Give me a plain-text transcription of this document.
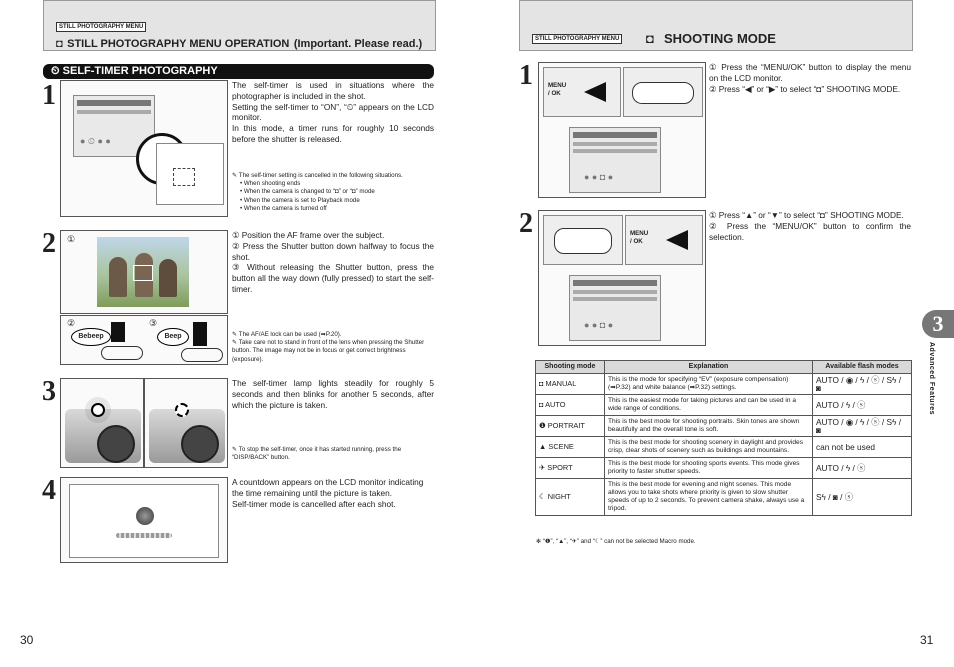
STILL PHOTOGRAPHY MENU
◘ STILL PHOTOGRAPHY MENU OPERATION (Important. Please read.)
⏲ SELF-TIMER PHOTOGRAPHY
1
● ⏲ ● ●
The self-timer is used in situations where the photographer is included in the shot.
Setting the self-timer to “ON”, “⏲” appears on the LCD monitor.
In this mode, a timer runs for roughly 10 seconds before the shutter is released.
✎ The self-timer setting is cancelled in the following situations.
• When shooting ends
• When the camera is changed to “◘” or “◘” mode
• When the camera is set to Playback mode
• When the camera is turned off
2 ①
②	③
Bebeep	Beep
① Position the AF frame over the subject.
② Press the Shutter button down halfway to focus the shot.
③ Without releasing the Shutter button, press the button all the way down (fully pressed) to start the self-timer.
✎ The AF/AE lock can be used (➡P.20).
✎ Take care not to stand in front of the lens when pressing the Shutter button. The image may not be in focus or get correct brightness (exposure).
3	The self-timer lamp lights steadily for roughly 5 seconds and then blinks for another 5 seconds, after which the picture is taken.
✎ To stop the self-timer, once it has started running, press the “DISP/BACK” button.
4	A countdown appears on the LCD monitor indicating the time remaining until the picture is taken.
Self-timer mode is cancelled after each shot.
30
STILL PHOTOGRAPHY MENU ◘ SHOOTING MODE
1 MENU / OK
● ● ◘ ●
① Press the “MENU/OK” button to display the menu on the LCD monitor.
② Press “◀” or “▶” to select “◘” SHOOTING MODE.
2	MENU / OK
● ● ◘ ●
① Press “▲” or “▼” to select “◘” SHOOTING MODE.
② Press the “MENU/OK” button to confirm the selection.
Shooting mode	Explanation	Available flash modes
◘ MANUAL	This is the mode for specifying “EV” (exposure compensation) (➡P.32) and white balance (➡P.32) settings.	AUTO / ◉ / ϟ / ⓢ / Sϟ / ◙
◘ AUTO	This is the easiest mode for taking pictures and can be used in a wide range of conditions.	AUTO / ϟ / ⓢ
❶ PORTRAIT	This is the best mode for shooting portraits. Skin tones are shown beautifully and the overall tone is soft.	AUTO / ◉ / ϟ / ⓢ / Sϟ / ◙
▲ SCENE	This is the best mode for shooting scenery in daylight and provides crisp, clear shots of scenery such as buildings and mountains.	can not be used
✈ SPORT	This is the best mode for shooting sports events. This mode gives priority to faster shutter speeds.	AUTO / ϟ / ⓢ
☾ NIGHT	This is the best mode for evening and night scenes. This mode allows you to take shots where priority is given to slow shutter speeds of up to 2 seconds. To prevent camera shake, always use a tripod.	Sϟ / ◙ / ⓢ
✻ “❶”, “▲”, “✈” and “☾” can not be selected Macro mode.
3
Advanced Features
31
